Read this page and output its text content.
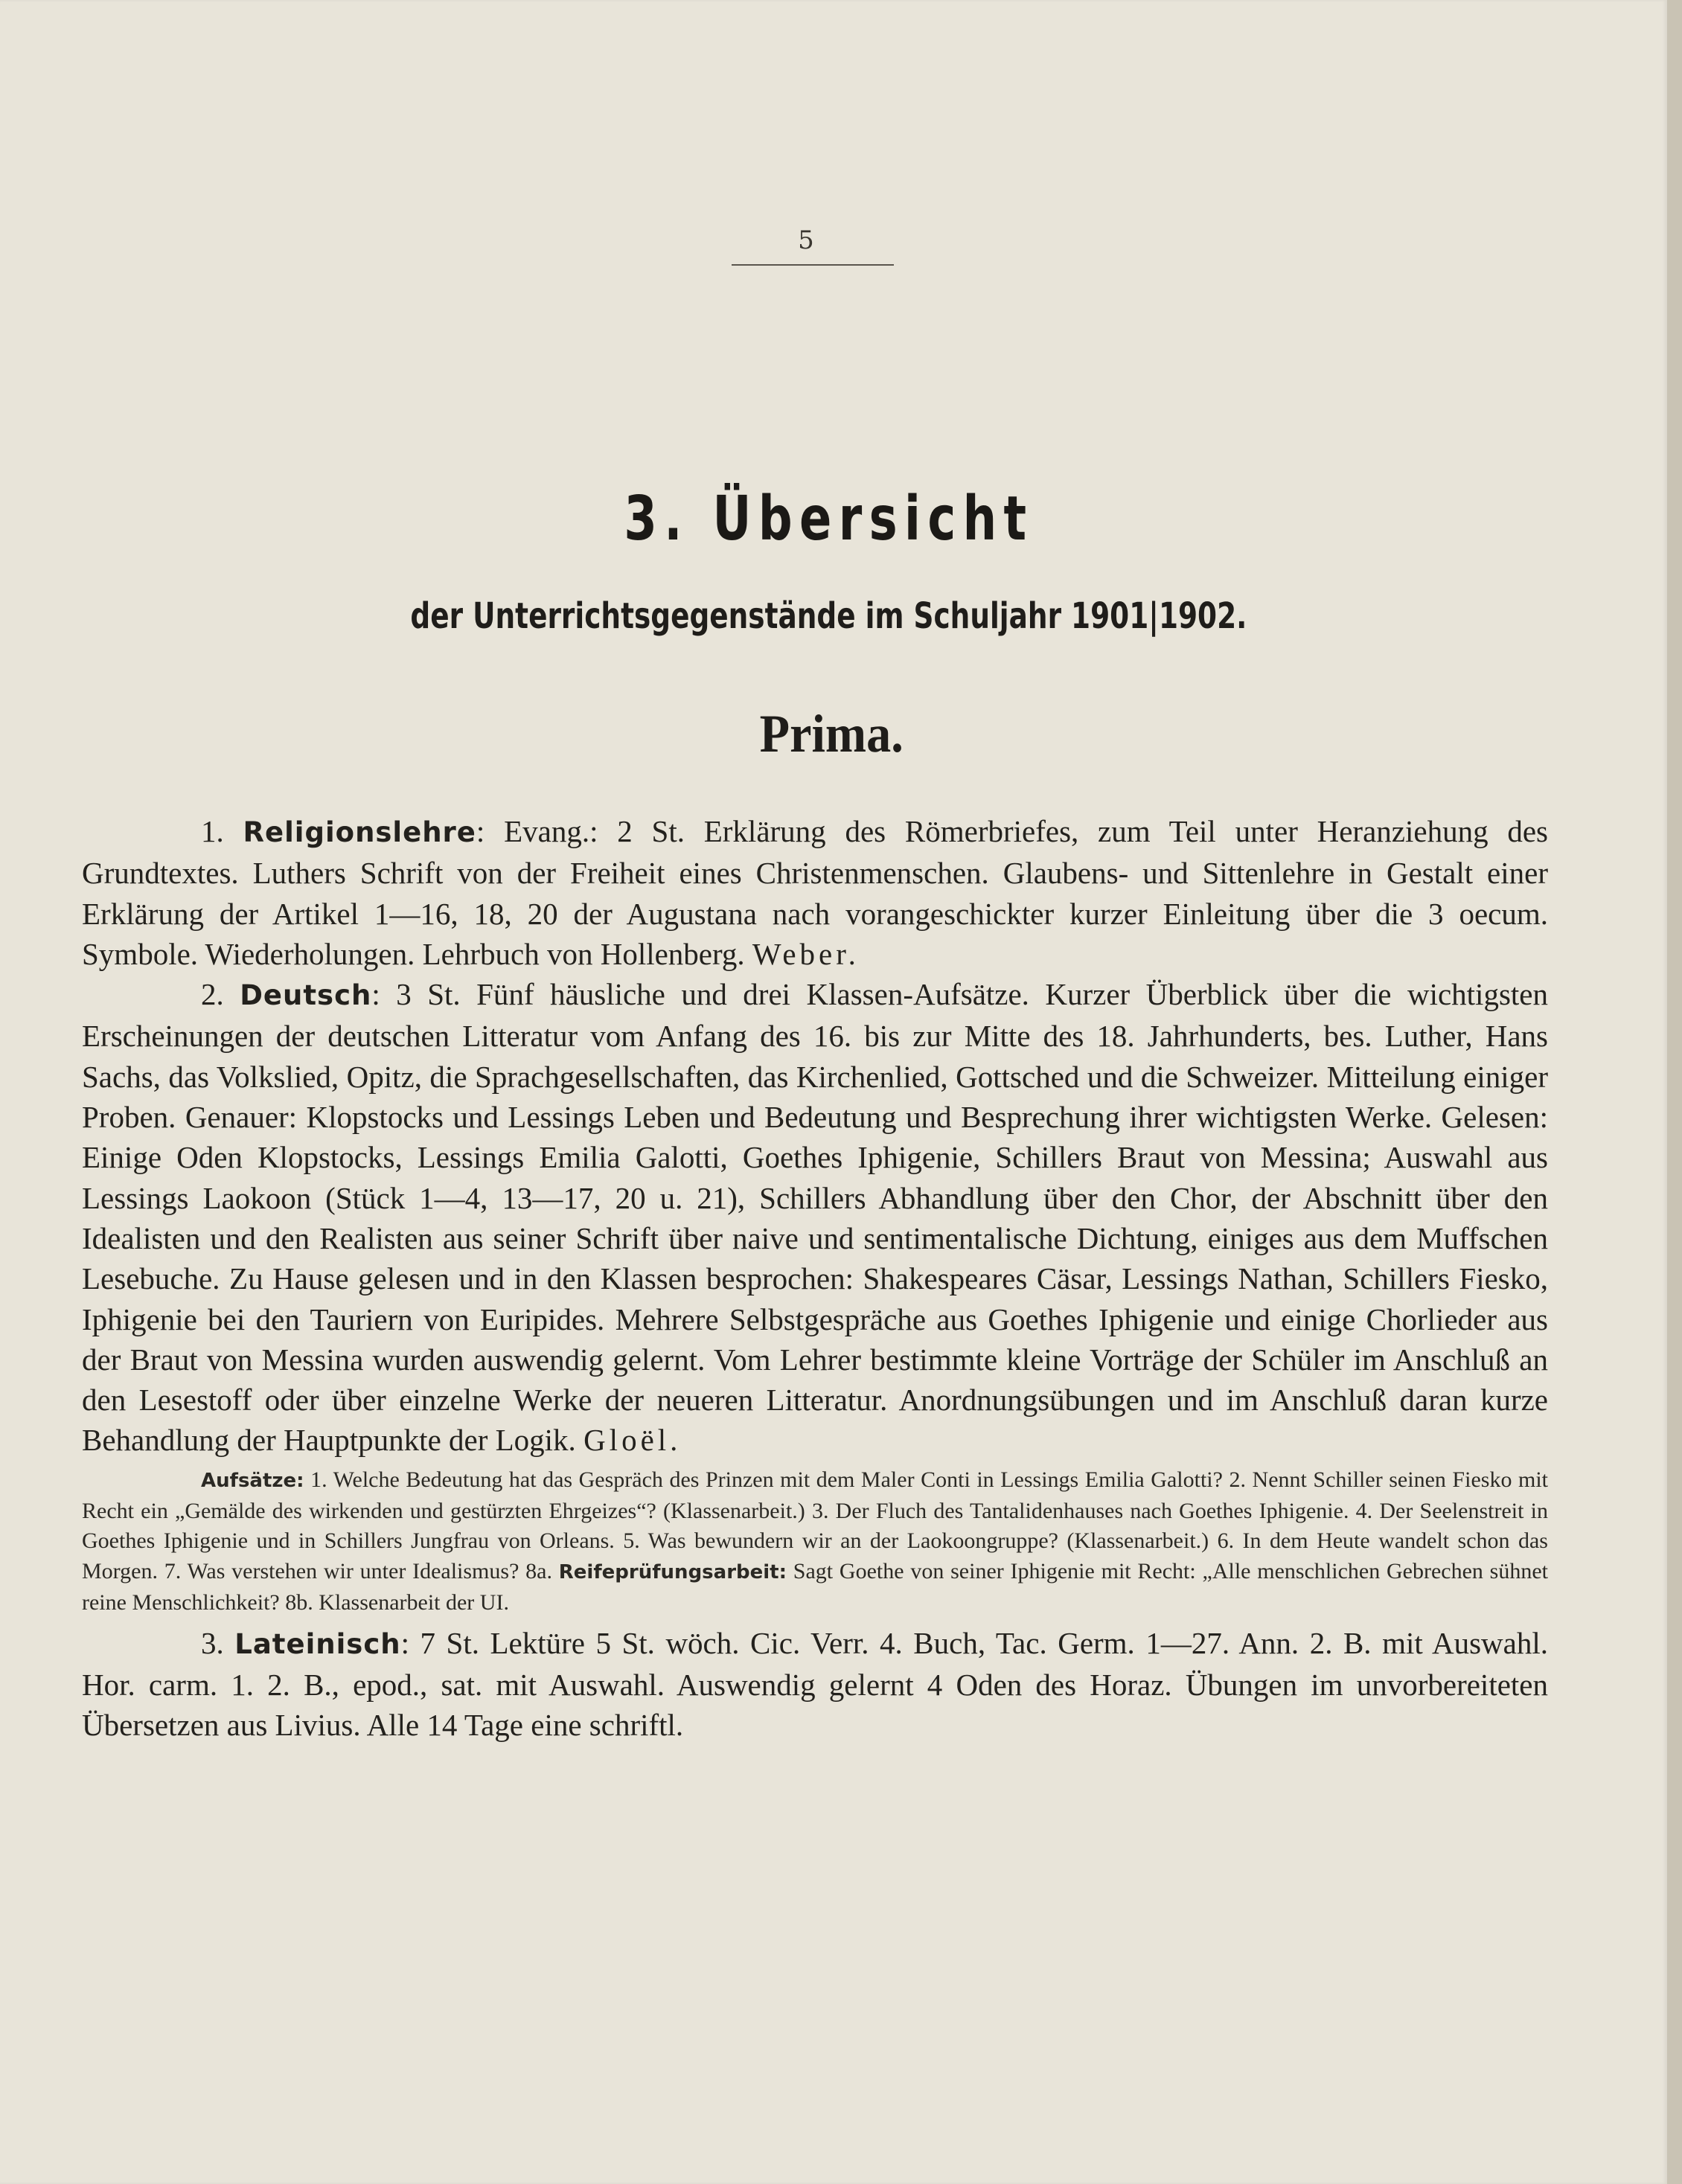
5
3. Übersicht
der Unterrichtsgegenstände im Schuljahr 1901|1902.
Prima.

1. Religionslehre: Evang.: 2 St. Erklärung des Römerbriefes, zum Teil unter Heranziehung des Grundtextes. Luthers Schrift von der Freiheit eines Christenmenschen. Glaubens- und Sittenlehre in Gestalt einer Erklärung der Artikel 1—16, 18, 20 der Augustana nach vorangeschickter kurzer Einleitung über die 3 oecum. Symbole. Wiederholungen. Lehrbuch von Hollenberg. Weber.

2. Deutsch: 3 St. Fünf häusliche und drei Klassen-Aufsätze. Kurzer Überblick über die wichtigsten Erscheinungen der deutschen Litteratur vom Anfang des 16. bis zur Mitte des 18. Jahrhunderts, bes. Luther, Hans Sachs, das Volkslied, Opitz, die Sprachgesellschaften, das Kirchenlied, Gottsched und die Schweizer. Mitteilung einiger Proben. Genauer: Klopstocks und Lessings Leben und Bedeutung und Besprechung ihrer wichtigsten Werke. Gelesen: Einige Oden Klopstocks, Lessings Emilia Galotti, Goethes Iphigenie, Schillers Braut von Messina; Auswahl aus Lessings Laokoon (Stück 1—4, 13—17, 20 u. 21), Schillers Abhandlung über den Chor, der Abschnitt über den Idealisten und den Realisten aus seiner Schrift über naive und sentimentalische Dichtung, einiges aus dem Muffschen Lesebuche. Zu Hause gelesen und in den Klassen besprochen: Shakespeares Cäsar, Lessings Nathan, Schillers Fiesko, Iphigenie bei den Tauriern von Euripides. Mehrere Selbstgespräche aus Goethes Iphigenie und einige Chorlieder aus der Braut von Messina wurden auswendig gelernt. Vom Lehrer bestimmte kleine Vorträge der Schüler im Anschluß an den Lesestoff oder über einzelne Werke der neueren Litteratur. Anordnungsübungen und im Anschluß daran kurze Behandlung der Hauptpunkte der Logik. Gloël.

Aufsätze: 1. Welche Bedeutung hat das Gespräch des Prinzen mit dem Maler Conti in Lessings Emilia Galotti? 2. Nennt Schiller seinen Fiesko mit Recht ein „Gemälde des wirkenden und gestürzten Ehrgeizes“? (Klassenarbeit.) 3. Der Fluch des Tantalidenhauses nach Goethes Iphigenie. 4. Der Seelenstreit in Goethes Iphigenie und in Schillers Jungfrau von Orleans. 5. Was bewundern wir an der Laokoongruppe? (Klassenarbeit.) 6. In dem Heute wandelt schon das Morgen. 7. Was verstehen wir unter Idealismus? 8a. Reifeprüfungsarbeit: Sagt Goethe von seiner Iphigenie mit Recht: „Alle menschlichen Gebrechen sühnet reine Menschlichkeit? 8b. Klassenarbeit der UI.

3. Lateinisch: 7 St. Lektüre 5 St. wöch. Cic. Verr. 4. Buch, Tac. Germ. 1—27. Ann. 2. B. mit Auswahl. Hor. carm. 1. 2. B., epod., sat. mit Auswahl. Auswendig gelernt 4 Oden des Horaz. Übungen im unvorbereiteten Übersetzen aus Livius. Alle 14 Tage eine schriftl.
